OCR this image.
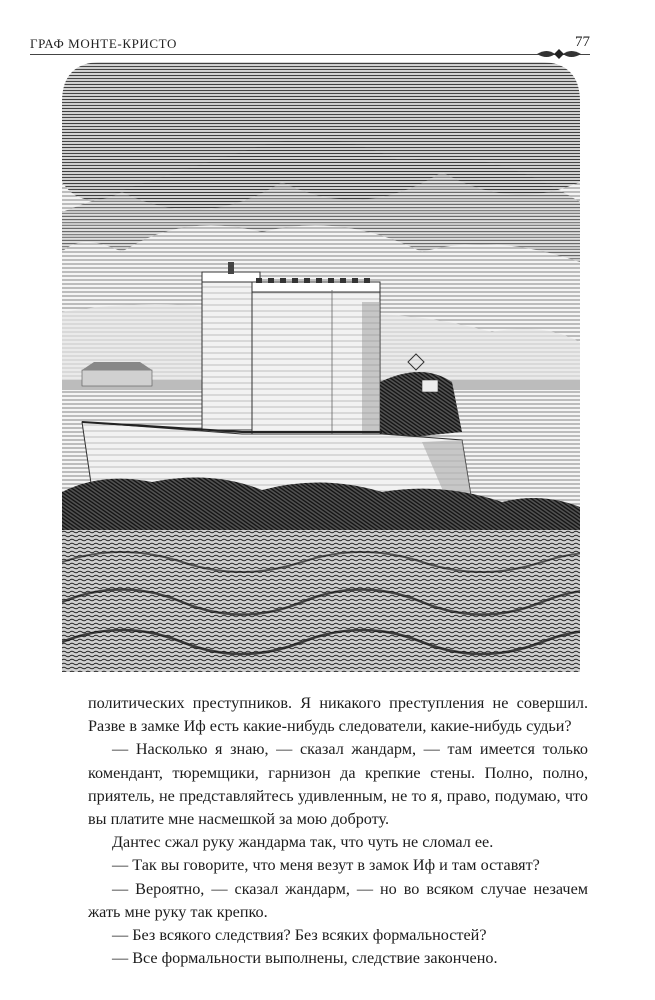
ГРАФ МОНТЕ-КРИСТО	77

политических преступников. Я никакого преступления не совершил. Разве в замке Иф есть какие-нибудь следователи, какие-нибудь судьи?

— Насколько я знаю, — сказал жандарм, — там имеется только комендант, тюремщики, гарнизон да крепкие стены. Полно, полно, приятель, не представляйтесь удивленным, не то я, право, подумаю, что вы платите мне насмешкой за мою доброту.

Дантес сжал руку жандарма так, что чуть не сломал ее.

— Так вы говорите, что меня везут в замок Иф и там оставят?

— Вероятно, — сказал жандарм, — но во всяком случае незачем жать мне руку так крепко.

— Без всякого следствия? Без всяких формальностей?

— Все формальности выполнены, следствие закончено.
